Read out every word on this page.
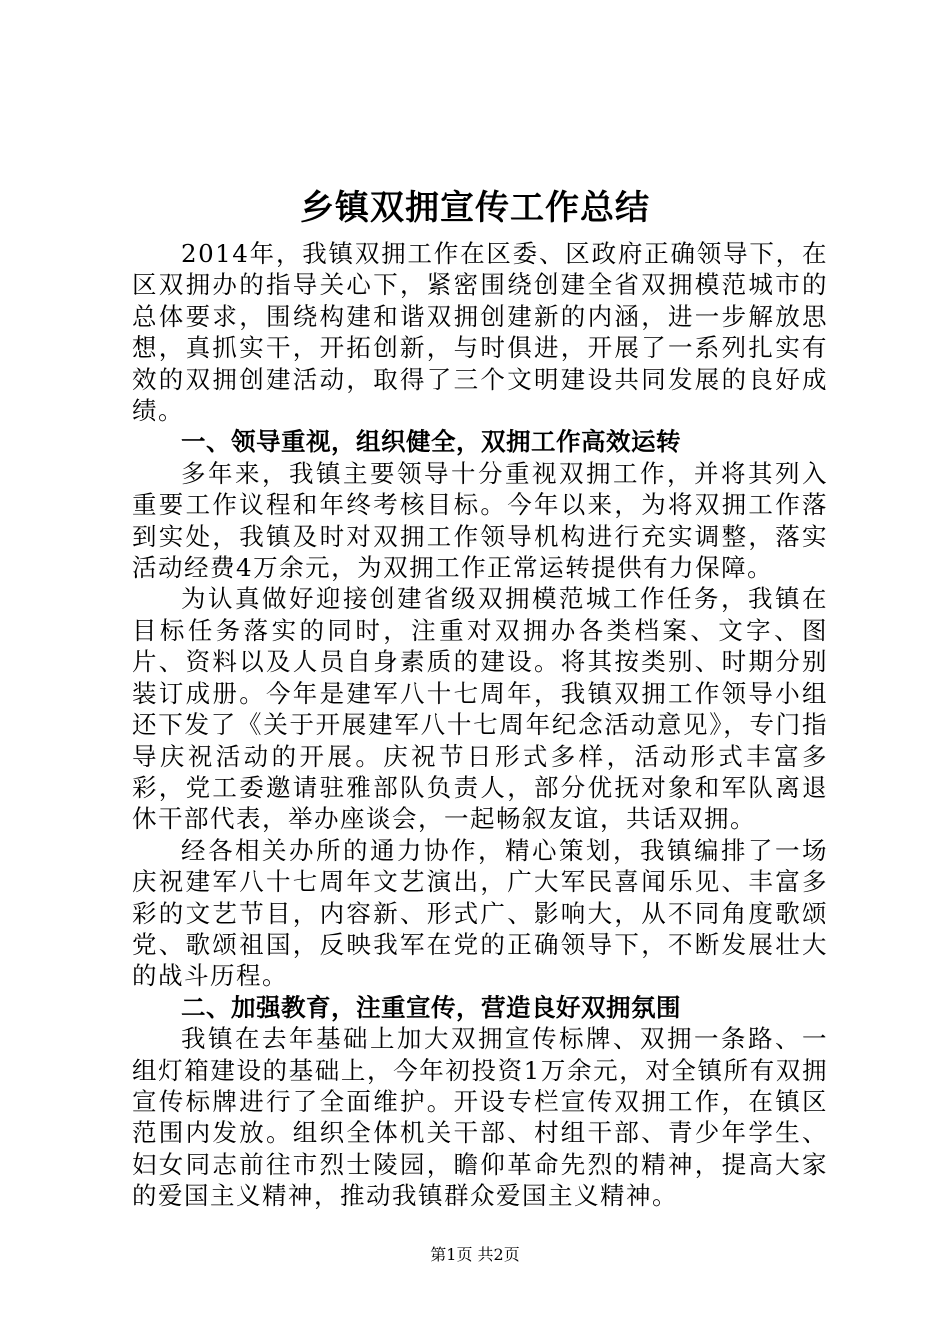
乡镇双拥宣传工作总结

2014年，我镇双拥工作在区委、区政府正确领导下，在区双拥办的指导关心下，紧密围绕创建全省双拥模范城市的总体要求，围绕构建和谐双拥创建新的内涵，进一步解放思想，真抓实干，开拓创新，与时俱进，开展了一系列扎实有效的双拥创建活动，取得了三个文明建设共同发展的良好成绩。

一、领导重视，组织健全，双拥工作高效运转

多年来，我镇主要领导十分重视双拥工作，并将其列入重要工作议程和年终考核目标。今年以来，为将双拥工作落到实处，我镇及时对双拥工作领导机构进行充实调整，落实活动经费4万余元，为双拥工作正常运转提供有力保障。

为认真做好迎接创建省级双拥模范城工作任务，我镇在目标任务落实的同时，注重对双拥办各类档案、文字、图片、资料以及人员自身素质的建设。将其按类别、时期分别装订成册。今年是建军八十七周年，我镇双拥工作领导小组还下发了《关于开展建军八十七周年纪念活动意见》，专门指导庆祝活动的开展。庆祝节日形式多样，活动形式丰富多彩，党工委邀请驻雅部队负责人，部分优抚对象和军队离退休干部代表，举办座谈会，一起畅叙友谊，共话双拥。

经各相关办所的通力协作，精心策划，我镇编排了一场庆祝建军八十七周年文艺演出，广大军民喜闻乐见、丰富多彩的文艺节目，内容新、形式广、影响大，从不同角度歌颂党、歌颂祖国，反映我军在党的正确领导下，不断发展壮大的战斗历程。

二、加强教育，注重宣传，营造良好双拥氛围

我镇在去年基础上加大双拥宣传标牌、双拥一条路、一组灯箱建设的基础上，今年初投资1万余元，对全镇所有双拥宣传标牌进行了全面维护。开设专栏宣传双拥工作，在镇区范围内发放。组织全体机关干部、村组干部、青少年学生、妇女同志前往市烈士陵园，瞻仰革命先烈的精神，提高大家的爱国主义精神，推动我镇群众爱国主义精神。

第1页 共2页
